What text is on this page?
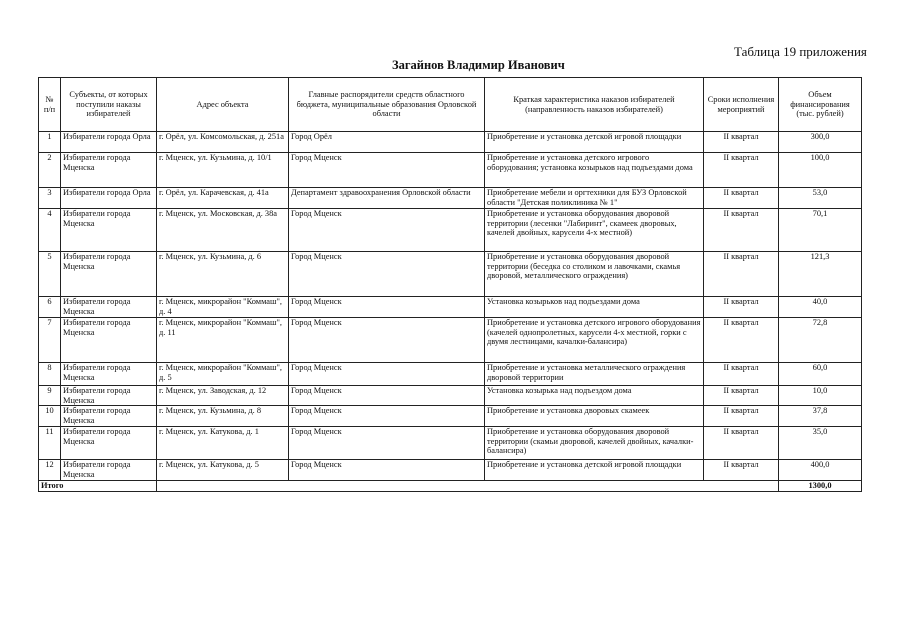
Таблица 19 приложения
Загайнов Владимир Иванович
№ п/п	Субъекты, от которых поступили наказы избирателей	Адрес объекта	Главные распорядители средств областного бюджета, муниципальные образования Орловской области	Краткая характеристика наказов избирателей (направленность наказов избирателей)	Сроки исполнения мероприятий	Объем финансирования (тыс. рублей)
1	Избиратели города Орла	г. Орёл, ул. Комсомольская, д. 251а	Город Орёл	Приобретение и установка детской игровой площадки	II квартал	300,0
2	Избиратели города Мценска	г. Мценск, ул. Кузьмина, д. 10/1	Город Мценск	Приобретение и установка детского игрового оборудования; установка козырьков над подъездами дома	II квартал	100,0
3	Избиратели города Орла	г. Орёл, ул. Карачевская, д. 41а	Департамент здравоохранения Орловской области	Приобретение мебели и оргтехники для БУЗ Орловской области "Детская поликлиника № 1"	II квартал	53,0
4	Избиратели города Мценска	г. Мценск, ул. Московская, д. 38а	Город Мценск	Приобретение и установка оборудования дворовой территории (лесенки "Лабиринт", скамеек дворовых, качелей двойных, карусели 4-х местной)	II квартал	70,1
5	Избиратели города Мценска	г. Мценск, ул. Кузьмина, д. 6	Город Мценск	Приобретение и установка оборудования дворовой территории (беседка со столиком и лавочками, скамья дворовой, металлического ограждения)	II квартал	121,3
6	Избиратели города Мценска	г. Мценск, микрорайон "Коммаш", д. 4	Город Мценск	Установка козырьков над подъездами дома	II квартал	40,0
7	Избиратели города Мценска	г. Мценск, микрорайон "Коммаш", д. 11	Город Мценск	Приобретение и установка детского игрового оборудования (качелей однопролетных, карусели 4-х местной, горки с двумя лестницами, качалки-балансира)	II квартал	72,8
8	Избиратели города Мценска	г. Мценск, микрорайон "Коммаш", д. 5	Город Мценск	Приобретение и установка металлического ограждения дворовой территории	II квартал	60,0
9	Избиратели города Мценска	г. Мценск, ул. Заводская, д. 12	Город Мценск	Установка козырька над подъездом дома	II квартал	10,0
10	Избиратели города Мценска	г. Мценск, ул. Кузьмина, д. 8	Город Мценск	Приобретение и установка дворовых скамеек	II квартал	37,8
11	Избиратели города Мценска	г. Мценск, ул. Катукова, д. 1	Город Мценск	Приобретение и установка оборудования дворовой территории (скамьи дворовой, качелей двойных, качалки-балансира)	II квартал	35,0
12	Избиратели города Мценска	г. Мценск, ул. Катукова, д. 5	Город Мценск	Приобретение и установка детской игровой площадки	II квартал	400,0
Итого						1300,0
